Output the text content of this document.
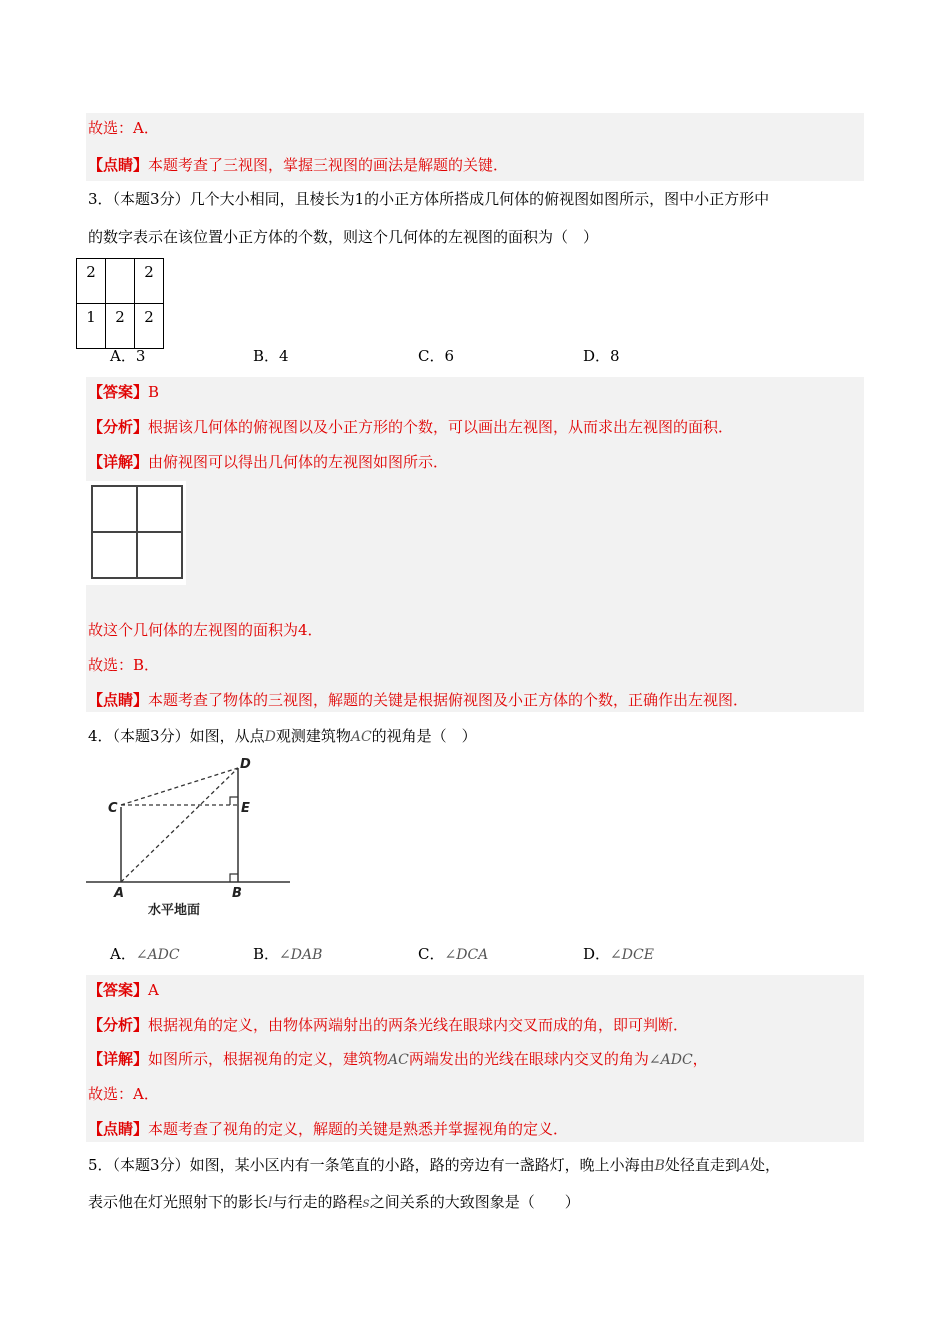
故选：A．
【点睛】本题考查了三视图，掌握三视图的画法是解题的关键．
3．（本题3分）几个大小相同，且棱长为1的小正方体所搭成几何体的俯视图如图所示，图中小正方形中
的数字表示在该位置小正方体的个数，则这个几何体的左视图的面积为（　）
2		2
1	2	2
A．3	B．4	C．6	D．8
【答案】B
【分析】根据该几何体的俯视图以及小正方形的个数，可以画出左视图，从而求出左视图的面积．
【详解】由俯视图可以得出几何体的左视图如图所示．
故这个几何体的左视图的面积为4．
故选：B．
【点睛】本题考查了物体的三视图，解题的关键是根据俯视图及小正方体的个数，正确作出左视图．
4．（本题3分）如图，从点D观测建筑物AC的视角是（　）
D
C	E
A	B
水平地面
A．∠ADC	B．∠DAB	C．∠DCA	D．∠DCE
【答案】A
【分析】根据视角的定义，由物体两端射出的两条光线在眼球内交叉而成的角，即可判断．
【详解】如图所示，根据视角的定义，建筑物AC两端发出的光线在眼球内交叉的角为∠ADC，
故选：A．
【点睛】本题考查了视角的定义，解题的关键是熟悉并掌握视角的定义．
5．（本题3分）如图，某小区内有一条笔直的小路，路的旁边有一盏路灯，晚上小海由B处径直走到A处，
表示他在灯光照射下的影长l与行走的路程s之间关系的大致图象是（　　）
